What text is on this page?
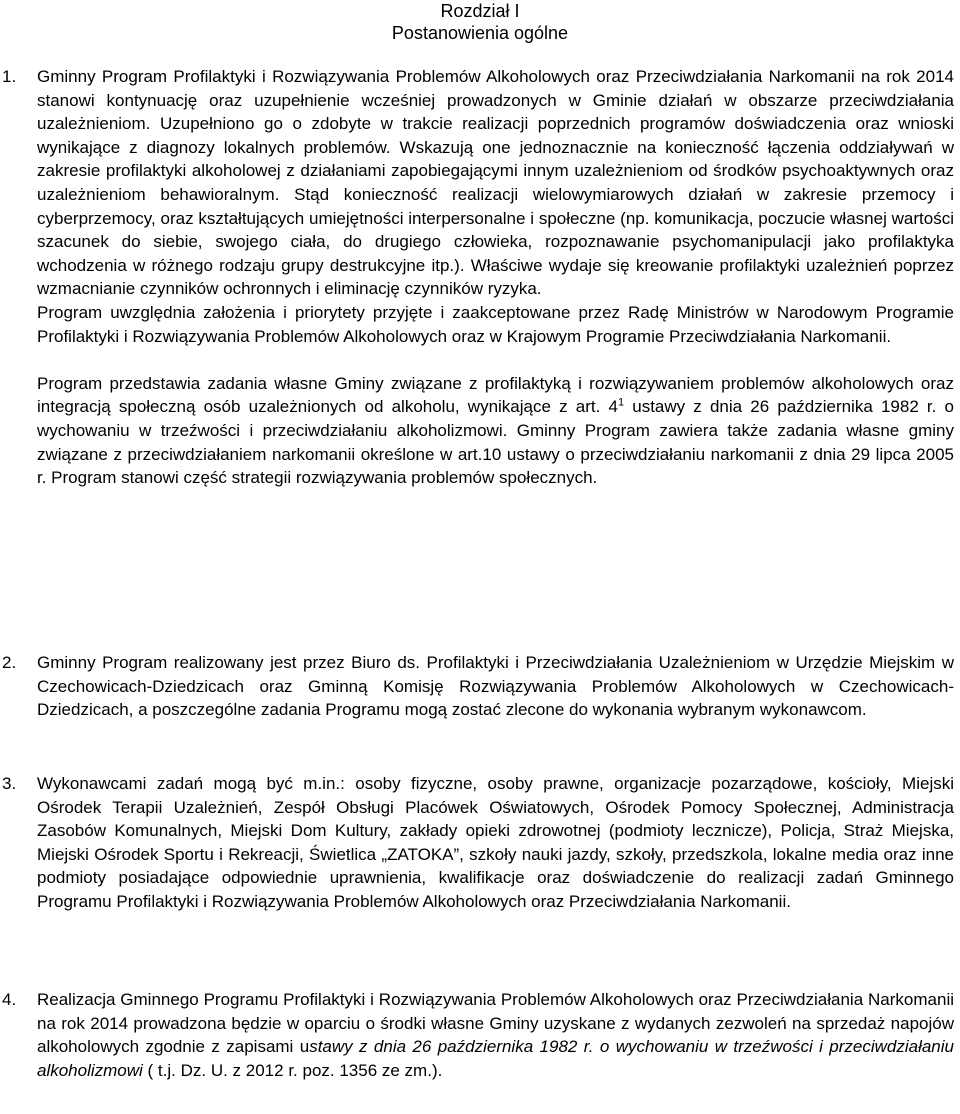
Rozdział I
Postanowienia ogólne
1.	Gminny Program Profilaktyki i Rozwiązywania Problemów Alkoholowych oraz Przeciwdziałania Narkomanii na rok 2014 stanowi kontynuację oraz uzupełnienie wcześniej prowadzonych w Gminie działań w obszarze przeciwdziałania uzależnieniom. Uzupełniono go o zdobyte w trakcie realizacji poprzednich programów doświadczenia oraz wnioski wynikające z diagnozy lokalnych problemów. Wskazują one jednoznacznie na konieczność łączenia oddziaływań w zakresie profilaktyki alkoholowej z działaniami zapobiegającymi innym uzależnieniom od środków psychoaktywnych oraz uzależnieniom behawioralnym. Stąd konieczność realizacji wielowymiarowych działań w zakresie przemocy i cyberprzemocy, oraz kształtujących umiejętności interpersonalne i społeczne (np. komunikacja, poczucie własnej wartości szacunek do siebie, swojego ciała, do drugiego człowieka, rozpoznawanie psychomanipulacji jako profilaktyka wchodzenia w różnego rodzaju grupy destrukcyjne itp.). Właściwe wydaje się kreowanie profilaktyki uzależnień poprzez wzmacnianie czynników ochronnych i eliminację czynników ryzyka.

Program uwzględnia założenia i priorytety przyjęte i zaakceptowane przez Radę Ministrów w Narodowym Programie Profilaktyki i Rozwiązywania Problemów Alkoholowych oraz w Krajowym Programie Przeciwdziałania Narkomanii.

Program przedstawia zadania własne Gminy związane z profilaktyką i rozwiązywaniem problemów alkoholowych oraz integracją społeczną osób uzależnionych od alkoholu, wynikające z art. $4^1$ ustawy z dnia 26 października 1982 r. o wychowaniu w trzeźwości i przeciwdziałaniu alkoholizmowi. Gminny Program zawiera także zadania własne gminy związane z przeciwdziałaniem narkomanii określone w art.10 ustawy o przeciwdziałaniu narkomanii z dnia 29 lipca 2005 r. Program stanowi część strategii rozwiązywania problemów społecznych.

2.	Gminny Program realizowany jest przez Biuro ds. Profilaktyki i Przeciwdziałania Uzależnieniom w Urzędzie Miejskim w Czechowicach-Dziedzicach oraz Gminną Komisję Rozwiązywania Problemów Alkoholowych w Czechowicach-Dziedzicach, a poszczególne zadania Programu mogą zostać zlecone do wykonania wybranym wykonawcom.

3.	Wykonawcami zadań mogą być m.in.: osoby fizyczne, osoby prawne, organizacje pozarządowe, kościoły, Miejski Ośrodek Terapii Uzależnień, Zespół Obsługi Placówek Oświatowych, Ośrodek Pomocy Społecznej, Administracja Zasobów Komunalnych, Miejski Dom Kultury, zakłady opieki zdrowotnej (podmioty lecznicze), Policja, Straż Miejska, Miejski Ośrodek Sportu i Rekreacji, Świetlica „ZATOKA”, szkoły nauki jazdy, szkoły, przedszkola, lokalne media oraz inne podmioty posiadające odpowiednie uprawnienia, kwalifikacje oraz doświadczenie do realizacji zadań Gminnego Programu Profilaktyki i Rozwiązywania Problemów Alkoholowych oraz Przeciwdziałania Narkomanii.

4.	Realizacja Gminnego Programu Profilaktyki i Rozwiązywania Problemów Alkoholowych oraz Przeciwdziałania Narkomanii na rok 2014 prowadzona będzie w oparciu o środki własne Gminy uzyskane z wydanych zezwoleń na sprzedaż napojów alkoholowych zgodnie z zapisami ustawy z dnia 26 października 1982 r. o wychowaniu w trzeźwości i przeciwdziałaniu alkoholizmowi ( t.j. Dz. U. z 2012 r. poz. 1356 ze zm.).
